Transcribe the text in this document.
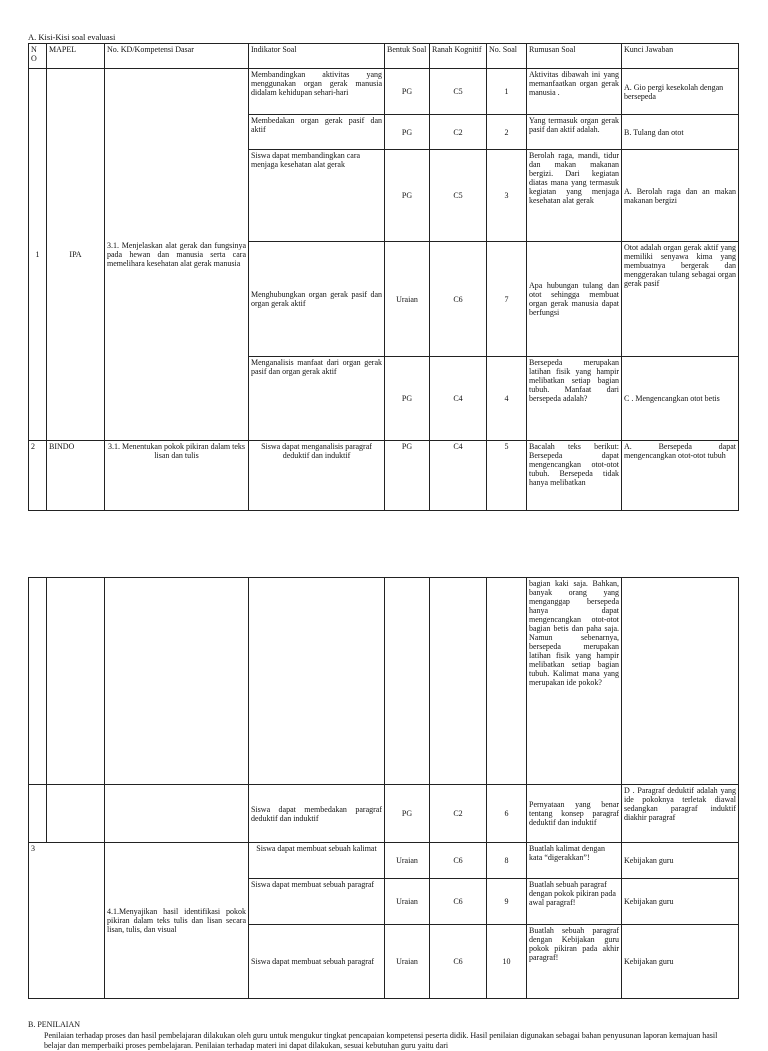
A. Kisi-Kisi soal evaluasi
N O	MAPEL	No. KD/Kompetensi Dasar	Indikator Soal	Bentuk Soal	Ranah Kognitif	No. Soal	Rumusan Soal	Kunci Jawaban
1	IPA	3.1. Menjelaskan alat gerak dan fungsinya pada hewan dan manusia serta cara memelihara kesehatan alat gerak manusia	Membandingkan aktivitas yang menggunakan organ gerak manusia didalam kehidupan sehari-hari	PG	C5	1	Aktivitas dibawah ini yang memanfaatkan organ gerak manusia .	A. Gio pergi kesekolah dengan bersepeda
			Membedakan organ gerak pasif dan aktif	PG	C2	2	Yang termasuk organ gerak pasif dan aktif adalah.	B. Tulang dan otot
			Siswa dapat membandingkan cara menjaga kesehatan alat gerak	PG	C5	3	Berolah raga, mandi, tidur dan makan makanan bergizi. Dari kegiatan diatas mana yang termasuk kegiatan yang menjaga kesehatan alat gerak	A. Berolah raga dan an makan makanan bergizi
			Menghubungkan organ gerak pasif dan organ gerak aktif	Uraian	C6	7	Apa hubungan tulang dan otot sehingga membuat organ gerak manusia dapat berfungsi	Otot adalah organ gerak aktif yang memiliki senyawa kima yang membuatnya bergerak dan menggerakan tulang sebagai organ gerak pasif
			Menganalisis manfaat dari organ gerak pasif dan organ gerak aktif	PG	C4	4	Bersepeda merupakan latihan fisik yang hampir melibatkan setiap bagian tubuh. Manfaat dari bersepeda adalah?	C . Mengencangkan otot betis
2	BINDO	3.1. Menentukan pokok pikiran dalam teks lisan dan tulis	Siswa dapat menganalisis paragraf deduktif dan induktif	PG	C4	5	Bacalah teks berikut: Bersepeda dapat mengencangkan otot-otot tubuh. Bersepeda tidak hanya melibatkan	A. Bersepeda dapat mengencangkan otot-otot tubuh
							bagian kaki saja. Bahkan, banyak orang yang menganggap bersepeda hanya dapat mengencangkan otot-otot bagian betis dan paha saja. Namun sebenarnya, bersepeda merupakan latihan fisik yang hampir melibatkan setiap bagian tubuh. Kalimat mana yang merupakan ide pokok?	
			Siswa dapat membedakan paragraf deduktif dan induktif	PG	C2	6	Pernyataan yang benar tentang konsep paragraf deduktif dan induktif	D . Paragraf deduktif adalah yang ide pokoknya terletak diawal sedangkan paragraf induktif diakhir paragraf
3		4.1.Menyajikan hasil identifikasi pokok pikiran dalam teks tulis dan lisan secara lisan, tulis, dan visual	Siswa dapat membuat sebuah kalimat	Uraian	C6	8	Buatlah kalimat dengan kata “digerakkan”!	Kebijakan guru
			Siswa dapat membuat sebuah paragraf	Uraian	C6	9	Buatlah sebuah paragraf dengan pokok pikiran pada awal paragraf!	Kebijakan guru
			Siswa dapat membuat sebuah paragraf	Uraian	C6	10	Buatlah sebuah paragraf dengan Kebijakan guru pokok pikiran pada akhir paragraf!	Kebijakan guru
B. PENILAIAN
Penilaian terhadap proses dan hasil pembelajaran dilakukan oleh guru untuk mengukur tingkat pencapaian kompetensi peserta didik. Hasil penilaian digunakan sebagai bahan penyusunan laporan kemajuan hasil belajar dan memperbaiki proses pembelajaran. Penilaian terhadap materi ini dapat dilakukan, sesuai kebutuhan guru yaitu dari
